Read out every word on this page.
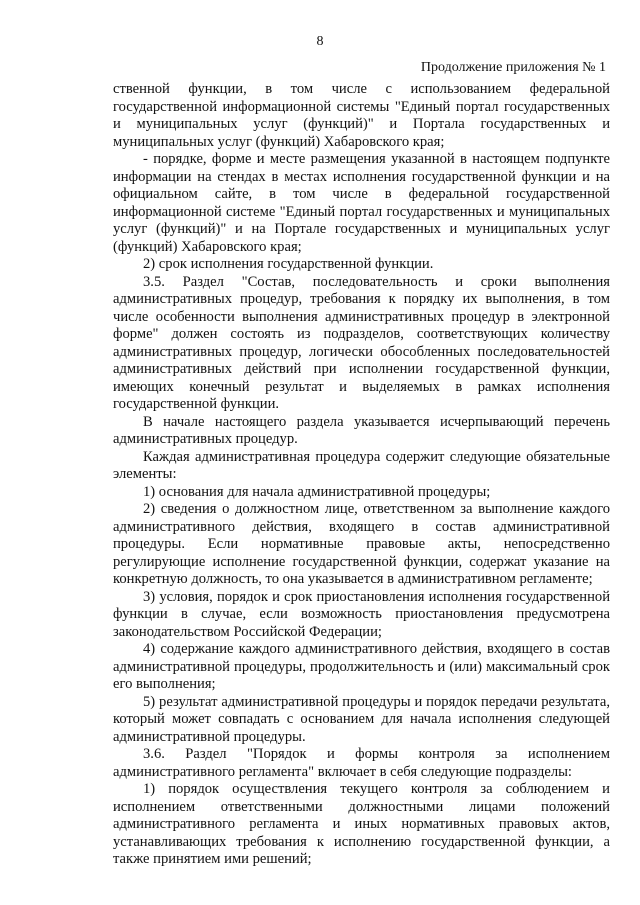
8
Продолжение приложения № 1

ственной функции, в том числе с использованием федеральной государственной информационной системы "Единый портал государственных и муниципальных услуг (функций)" и Портала государственных и муниципальных услуг (функций) Хабаровского края;

- порядке, форме и месте размещения указанной в настоящем подпункте информации на стендах в местах исполнения государственной функции и на официальном сайте, в том числе в федеральной государственной информационной системе "Единый портал государственных и муниципальных услуг (функций)" и на Портале государственных и муниципальных услуг (функций) Хабаровского края;

2) срок исполнения государственной функции.

3.5. Раздел "Состав, последовательность и сроки выполнения административных процедур, требования к порядку их выполнения, в том числе особенности выполнения административных процедур в электронной форме" должен состоять из подразделов, соответствующих количеству административных процедур, логически обособленных последовательностей административных действий при исполнении государственной функции, имеющих конечный результат и выделяемых в рамках исполнения государственной функции.

В начале настоящего раздела указывается исчерпывающий перечень административных процедур.

Каждая административная процедура содержит следующие обязательные элементы:

1) основания для начала административной процедуры;

2) сведения о должностном лице, ответственном за выполнение каждого административного действия, входящего в состав административной процедуры. Если нормативные правовые акты, непосредственно регулирующие исполнение государственной функции, содержат указание на конкретную должность, то она указывается в административном регламенте;

3) условия, порядок и срок приостановления исполнения государственной функции в случае, если возможность приостановления предусмотрена законодательством Российской Федерации;

4) содержание каждого административного действия, входящего в состав административной процедуры, продолжительность и (или) максимальный срок его выполнения;

5) результат административной процедуры и порядок передачи результата, который может совпадать с основанием для начала исполнения следующей административной процедуры.

3.6. Раздел "Порядок и формы контроля за исполнением административного регламента" включает в себя следующие подразделы:

1) порядок осуществления текущего контроля за соблюдением и исполнением ответственными должностными лицами положений административного регламента и иных нормативных правовых актов, устанавливающих требования к исполнению государственной функции, а также принятием ими решений;
